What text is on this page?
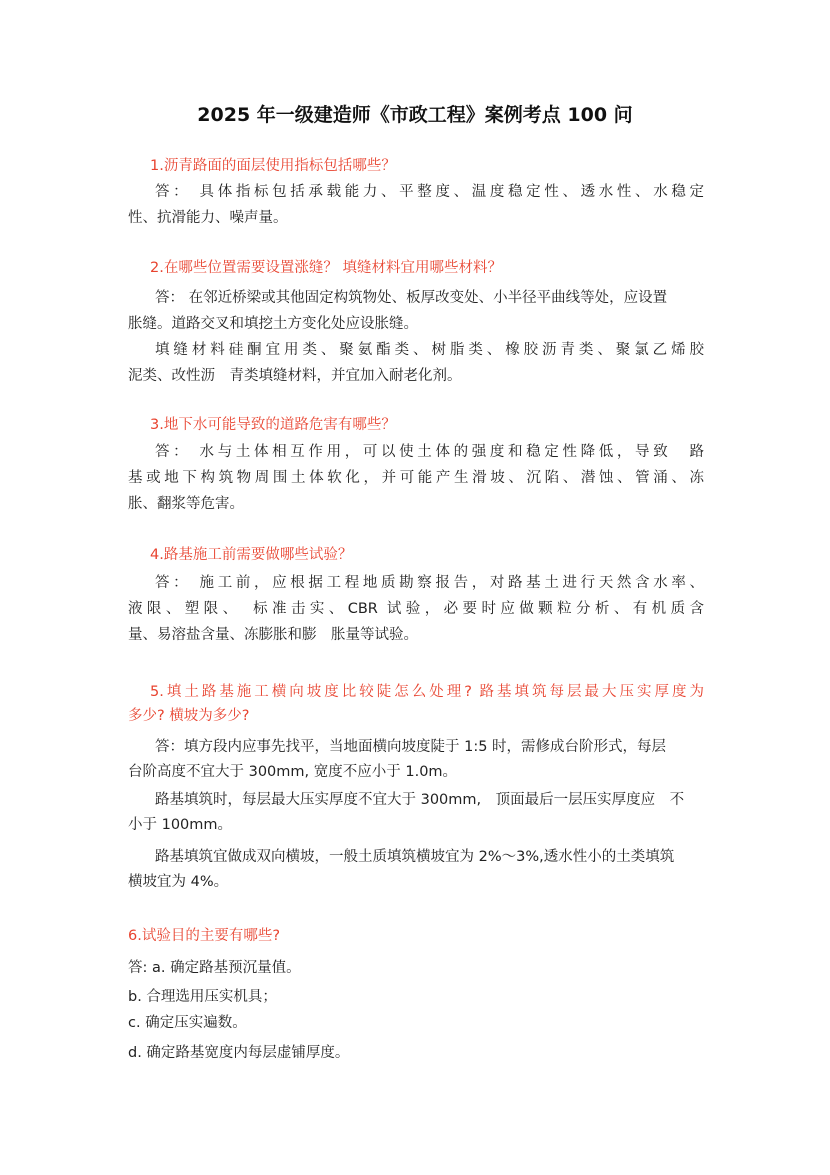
2025 年一级建造师《市政工程》案例考点 100 问
1.沥青路面的面层使用指标包括哪些？
答： 具体指标包括承载能力、平整度、温度稳定性、透水性、水稳定
性、抗滑能力、噪声量。
2.在哪些位置需要设置涨缝？ 填缝材料宜用哪些材料？
答： 在邻近桥梁或其他固定构筑物处、板厚改变处、小半径平曲线等处，应设置
胀缝。道路交叉和填挖土方变化处应设胀缝。
填缝材料硅酮宜用类、聚氨酯类、树脂类、橡胶沥青类、聚氯乙烯胶
泥类、改性沥　青类填缝材料，并宜加入耐老化剂。
3.地下水可能导致的道路危害有哪些？
答： 水与土体相互作用，可以使土体的强度和稳定性降低，导致　路
基或地下构筑物周围土体软化，并可能产生滑坡、沉陷、潜蚀、管涌、冻
胀、翻浆等危害。
4.路基施工前需要做哪些试验？
答： 施工前，应根据工程地质勘察报告，对路基土进行天然含水率、
液限、塑限、　标准击实、CBR 试验，必要时应做颗粒分析、有机质含
量、易溶盐含量、冻膨胀和膨　胀量等试验。
5.填土路基施工横向坡度比较陡怎么处理? 路基填筑每层最大压实厚度为
多少? 横坡为多少?
答：填方段内应事先找平，当地面横向坡度陡于 1:5 时，需修成台阶形式，每层
台阶高度不宜大于 300mm, 宽度不应小于 1.0m。
路基填筑时，每层最大压实厚度不宜大于 300mm,　顶面最后一层压实厚度应　不
小于 100mm。
路基填筑宜做成双向横坡，一般土质填筑横坡宜为 2%～3%,透水性小的土类填筑
横坡宜为 4%。
6.试验目的主要有哪些?
答: a. 确定路基预沉量值。
b. 合理选用压实机具；
c. 确定压实遍数。
d. 确定路基宽度内每层虚铺厚度。
